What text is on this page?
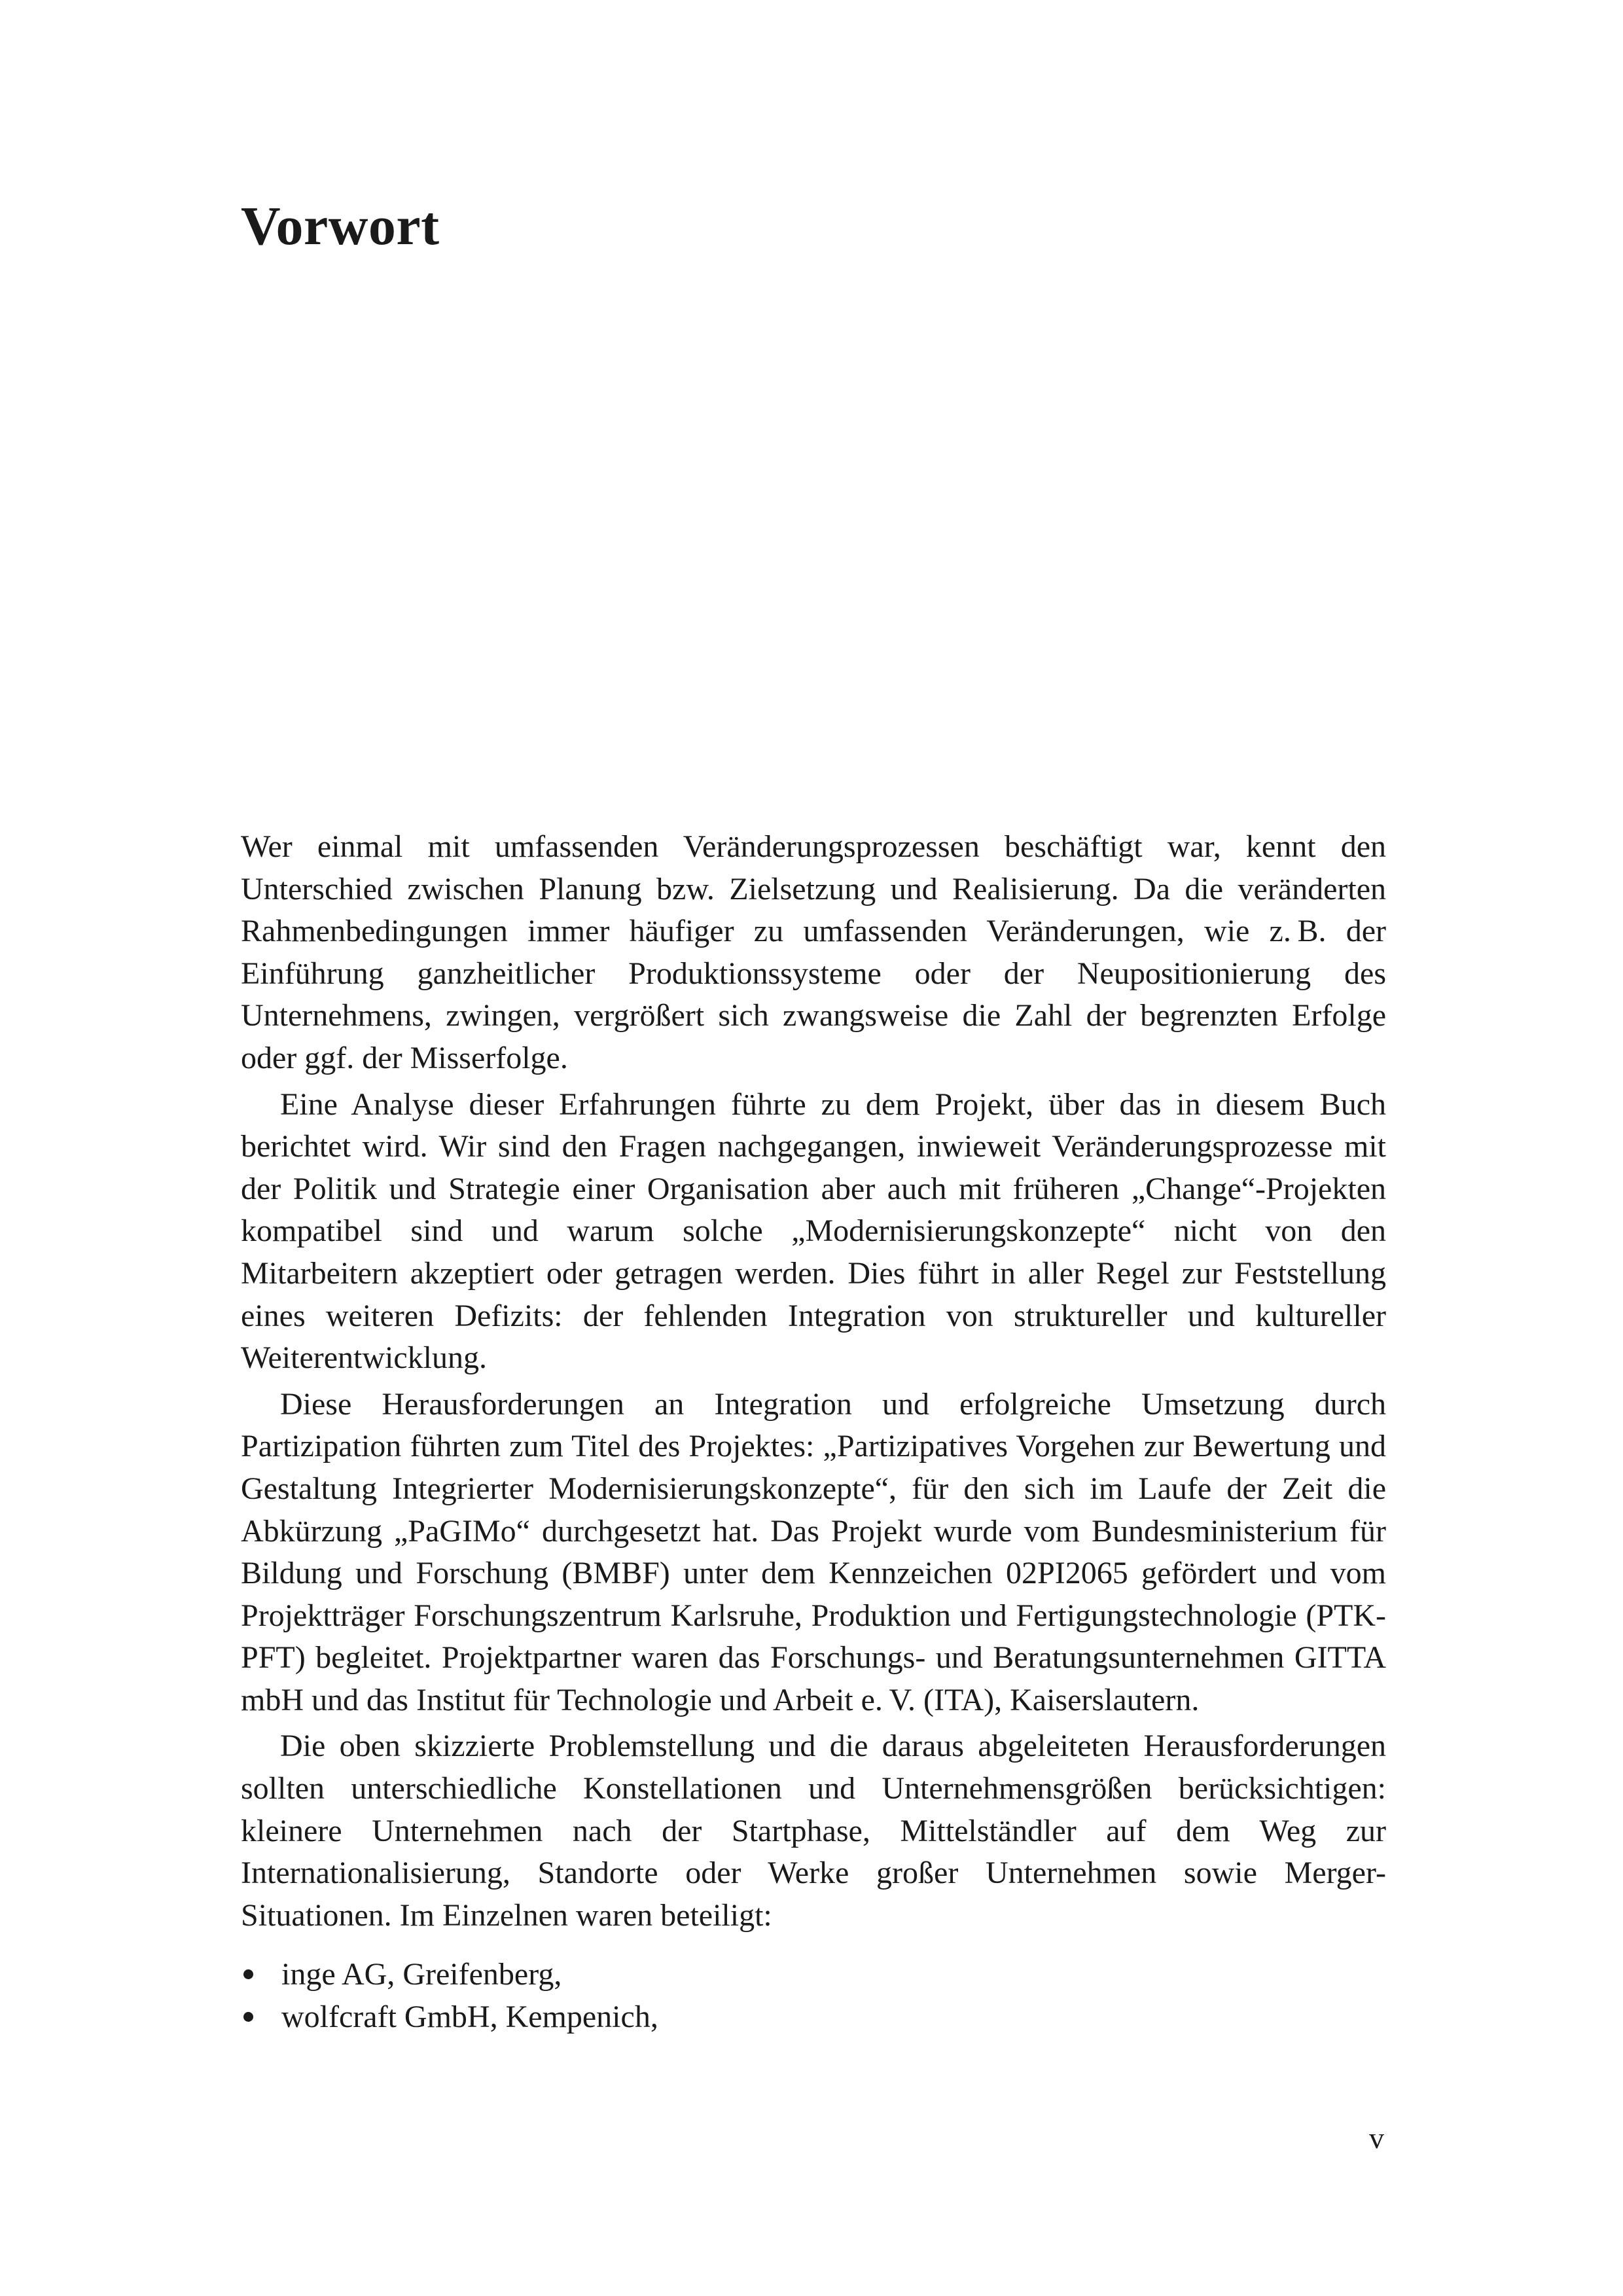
Vorwort

Wer einmal mit umfassenden Veränderungsprozessen beschäftigt war, kennt den Unterschied zwischen Planung bzw. Zielsetzung und Realisierung. Da die veränderten Rahmenbedingungen immer häufiger zu umfassenden Veränderungen, wie z. B. der Einführung ganzheitlicher Produktionssysteme oder der Neupositionierung des Unternehmens, zwingen, vergrößert sich zwangsweise die Zahl der begrenzten Erfolge oder ggf. der Misserfolge.

Eine Analyse dieser Erfahrungen führte zu dem Projekt, über das in diesem Buch berichtet wird. Wir sind den Fragen nachgegangen, inwieweit Veränderungsprozesse mit der Politik und Strategie einer Organisation aber auch mit früheren „Change“-Projekten kompatibel sind und warum solche „Modernisierungskonzepte“ nicht von den Mitarbeitern akzeptiert oder getragen werden. Dies führt in aller Regel zur Feststellung eines weiteren Defizits: der fehlenden Integration von struktureller und kultureller Weiterentwicklung.

Diese Herausforderungen an Integration und erfolgreiche Umsetzung durch Partizipation führten zum Titel des Projektes: „Partizipatives Vorgehen zur Bewertung und Gestaltung Integrierter Modernisierungskonzepte“, für den sich im Laufe der Zeit die Abkürzung „PaGIMo“ durchgesetzt hat. Das Projekt wurde vom Bundesministerium für Bildung und Forschung (BMBF) unter dem Kennzeichen 02PI2065 gefördert und vom Projektträger Forschungszentrum Karlsruhe, Produktion und Fertigungstechnologie (PTK-PFT) begleitet. Projektpartner waren das Forschungs- und Beratungsunternehmen GITTA mbH und das Institut für Technologie und Arbeit e. V. (ITA), Kaiserslautern.

Die oben skizzierte Problemstellung und die daraus abgeleiteten Herausforderungen sollten unterschiedliche Konstellationen und Unternehmensgrößen berücksichtigen: kleinere Unternehmen nach der Startphase, Mittelständler auf dem Weg zur Internationalisierung, Standorte oder Werke großer Unternehmen sowie Merger-Situationen. Im Einzelnen waren beteiligt:

inge AG, Greifenberg,
wolfcraft GmbH, Kempenich,
v
